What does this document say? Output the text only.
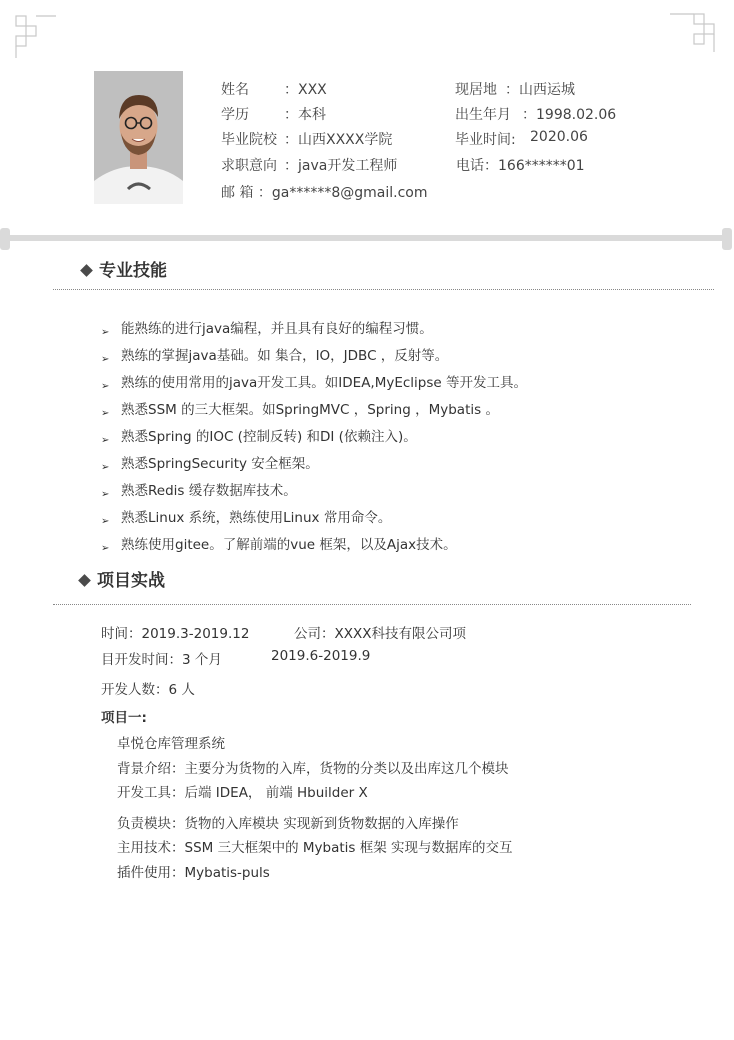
姓名	：XXX	现居地 ：山西运城
学历	：本科	出生年月 ：1998.02.06
毕业院校 ：山西XXXX学院	毕业时间: 2020.06
求职意向 ：java开发工程师	电话：166******01
邮 箱 ：ga******8@gmail.com
专业技能
➢ 能熟练的进行java编程，并且具有良好的编程习惯。
➢ 熟练的掌握java基础。如 集合，IO，JDBC ，反射等。
➢ 熟练的使用常用的java开发工具。如IDEA,MyEclipse 等开发工具。
➢ 熟悉SSM 的三大框架。如SpringMVC ，Spring ，Mybatis 。
➢ 熟悉Spring 的IOC (控制反转) 和DI (依赖注入)。
➢ 熟悉SpringSecurity 安全框架。
➢ 熟悉Redis 缓存数据库技术。
➢ 熟悉Linux 系统，熟练使用Linux 常用命令。
➢ 熟练使用gitee。了解前端的vue 框架，以及Ajax技术。
项目实战
时间：2019.3-2019.12	公司：XXXX科技有限公司项
目开发时间：3 个月	2019.6-2019.9
开发人数：6 人
项目一:
卓悦仓库管理系统
背景介绍：主要分为货物的入库，货物的分类以及出库这几个模块
开发工具：后端 IDEA， 前端 Hbuilder X
负责模块：货物的入库模块 实现新到货物数据的入库操作
主用技术：SSM 三大框架中的 Mybatis 框架 实现与数据库的交互
插件使用：Mybatis-puls
